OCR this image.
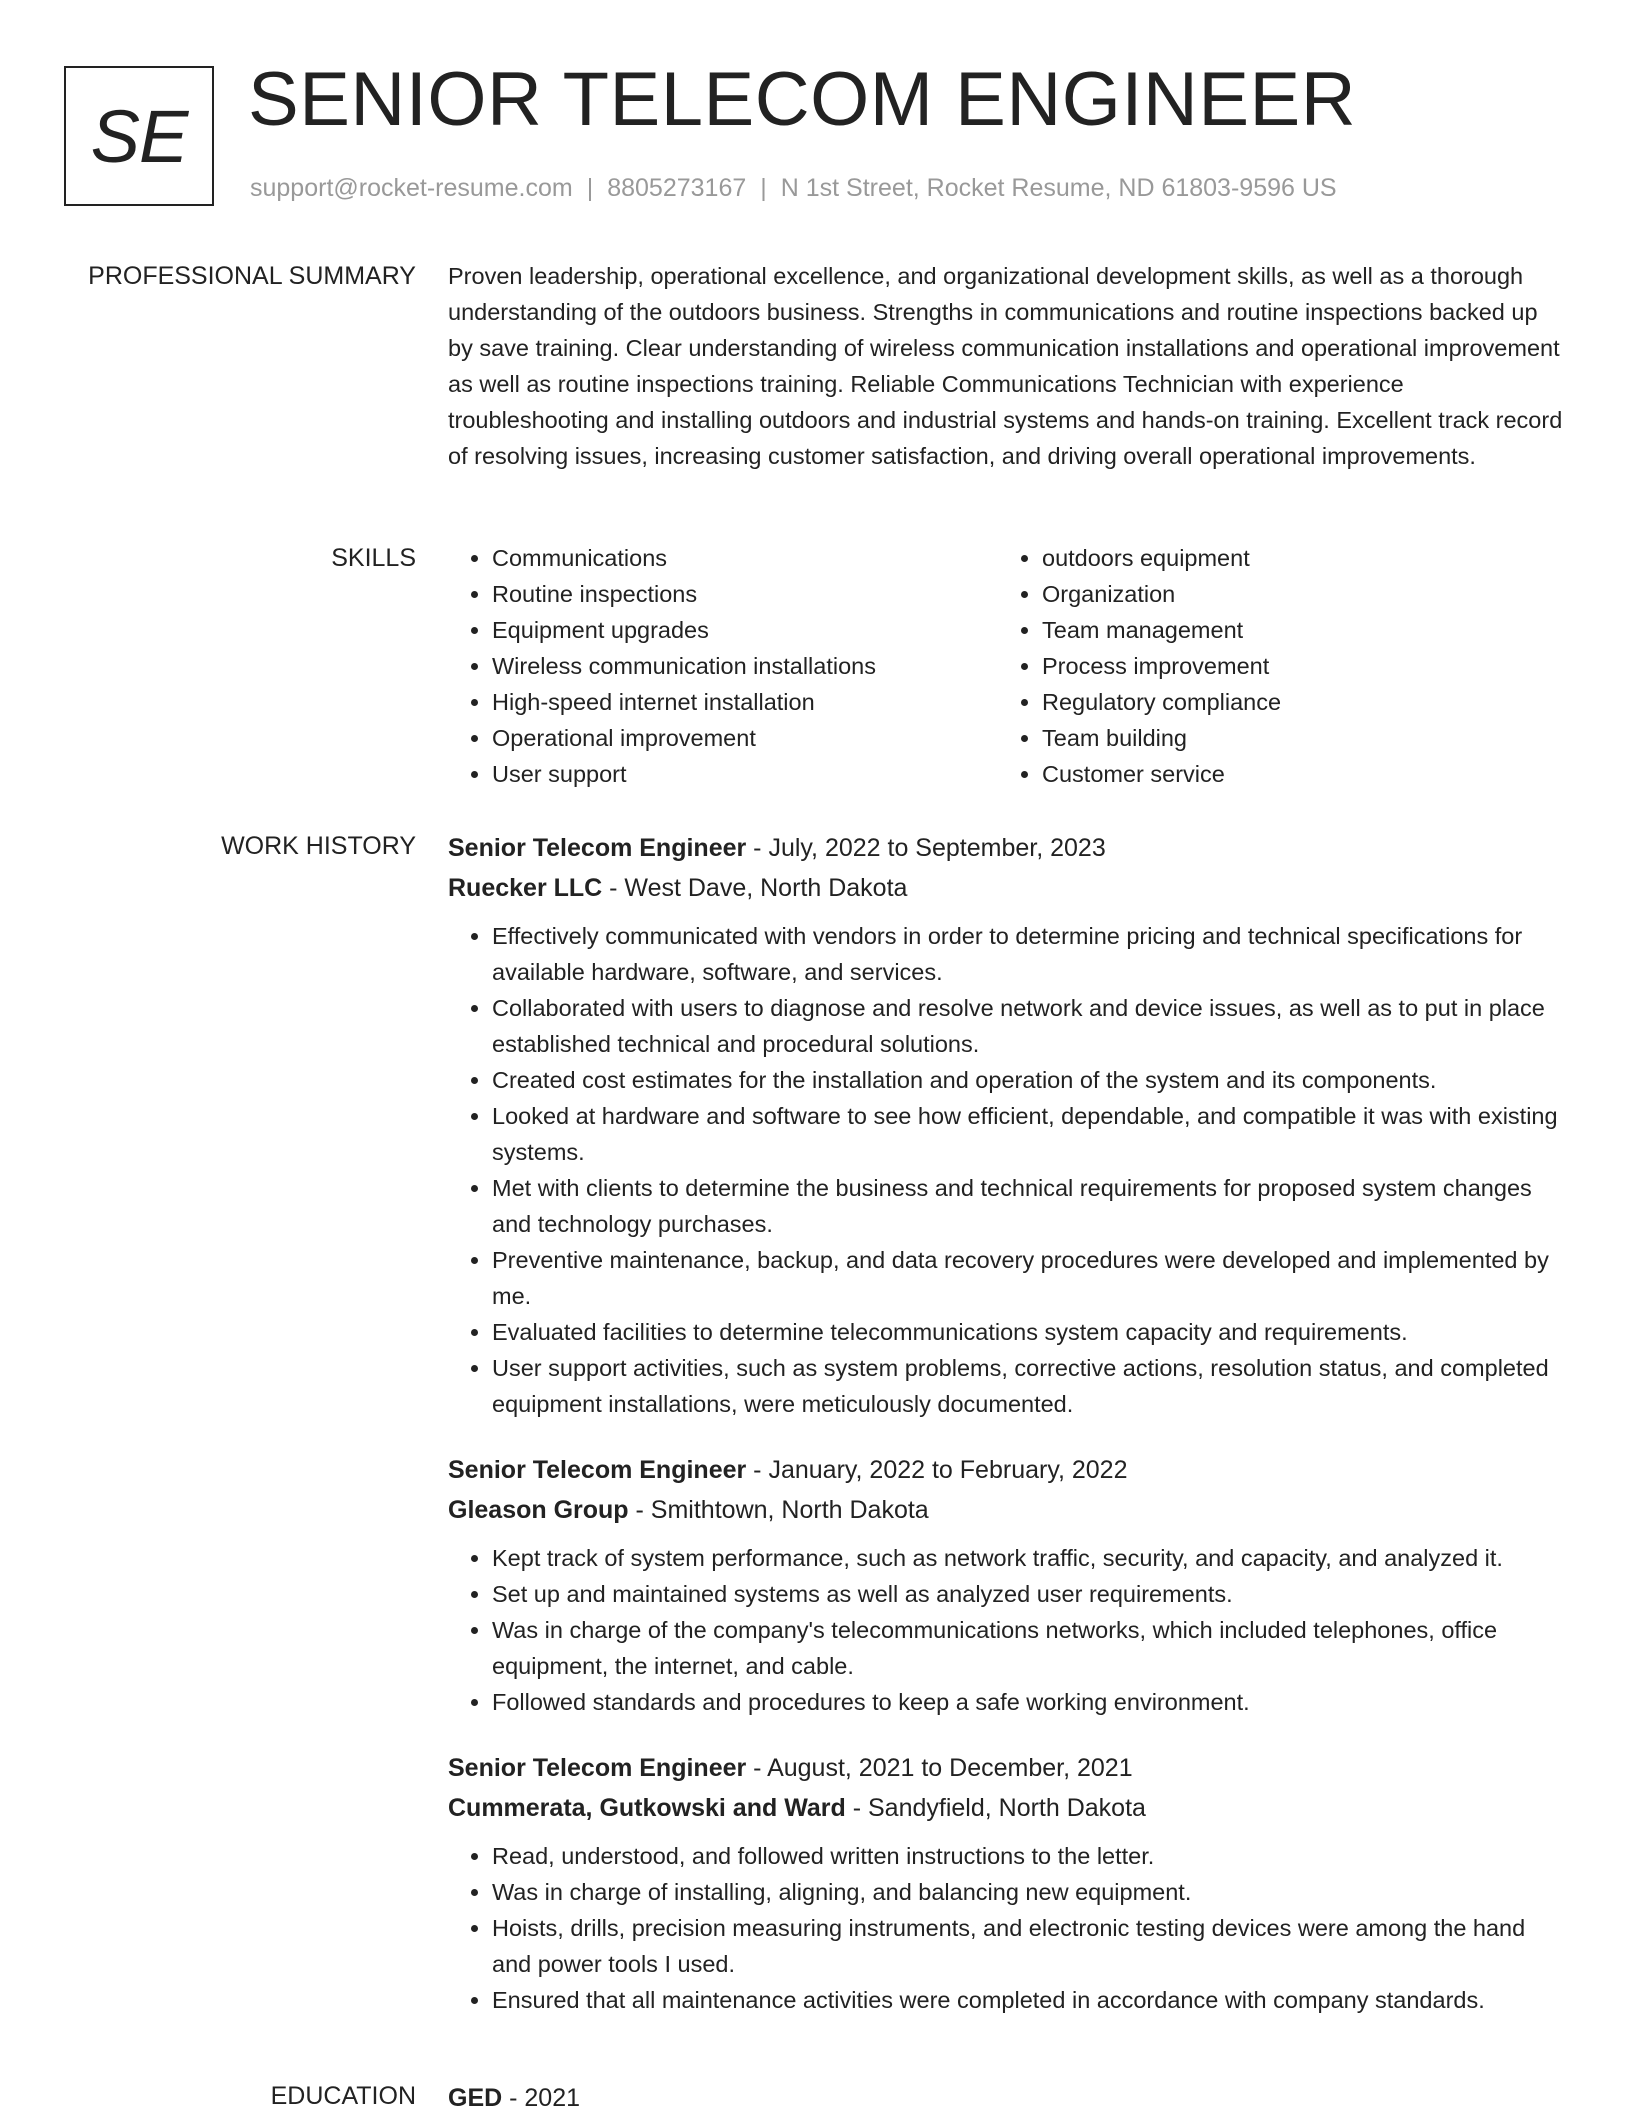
SE SENIOR TELECOM ENGINEER
support@rocket-resume.com | 8805273167 | N 1st Street, Rocket Resume, ND 61803-9596 US
PROFESSIONAL SUMMARY Proven leadership, operational excellence, and organizational development skills, as well as a thorough understanding of the outdoors business. Strengths in communications and routine inspections backed up by save training. Clear understanding of wireless communication installations and operational improvement as well as routine inspections training. Reliable Communications Technician with experience troubleshooting and installing outdoors and industrial systems and hands-on training. Excellent track record of resolving issues, increasing customer satisfaction, and driving overall operational improvements.

SKILLS
•	Communications
• Routine inspections
• Equipment upgrades
• Wireless communication installations
• High-speed internet installation
• Operational improvement
• User support
• outdoors equipment
• Organization
• Team management
• Process improvement
• Regulatory compliance
• Team building
• Customer service
WORK HISTORY Senior Telecom Engineer - July, 2022 to September, 2023
Ruecker LLC - West Dave, North Dakota
• Effectively communicated with vendors in order to determine pricing and technical specifications for available hardware, software, and services.
• Collaborated with users to diagnose and resolve network and device issues, as well as to put in place established technical and procedural solutions.
• Created cost estimates for the installation and operation of the system and its components.
• Looked at hardware and software to see how efficient, dependable, and compatible it was with existing systems.
• Met with clients to determine the business and technical requirements for proposed system changes and technology purchases.
• Preventive maintenance, backup, and data recovery procedures were developed and implemented by me.
• Evaluated facilities to determine telecommunications system capacity and requirements.
• User support activities, such as system problems, corrective actions, resolution status, and completed equipment installations, were meticulously documented.
Senior Telecom Engineer - January, 2022 to February, 2022
Gleason Group - Smithtown, North Dakota
• Kept track of system performance, such as network traffic, security, and capacity, and analyzed it.
• Set up and maintained systems as well as analyzed user requirements.
• Was in charge of the company's telecommunications networks, which included telephones, office equipment, the internet, and cable.
• Followed standards and procedures to keep a safe working environment.
Senior Telecom Engineer - August, 2021 to December, 2021
Cummerata, Gutkowski and Ward - Sandyfield, North Dakota
• Read, understood, and followed written instructions to the letter.
• Was in charge of installing, aligning, and balancing new equipment.
• Hoists, drills, precision measuring instruments, and electronic testing devices were among the hand and power tools I used.
• Ensured that all maintenance activities were completed in accordance with company standards.
EDUCATION GED - 2021
